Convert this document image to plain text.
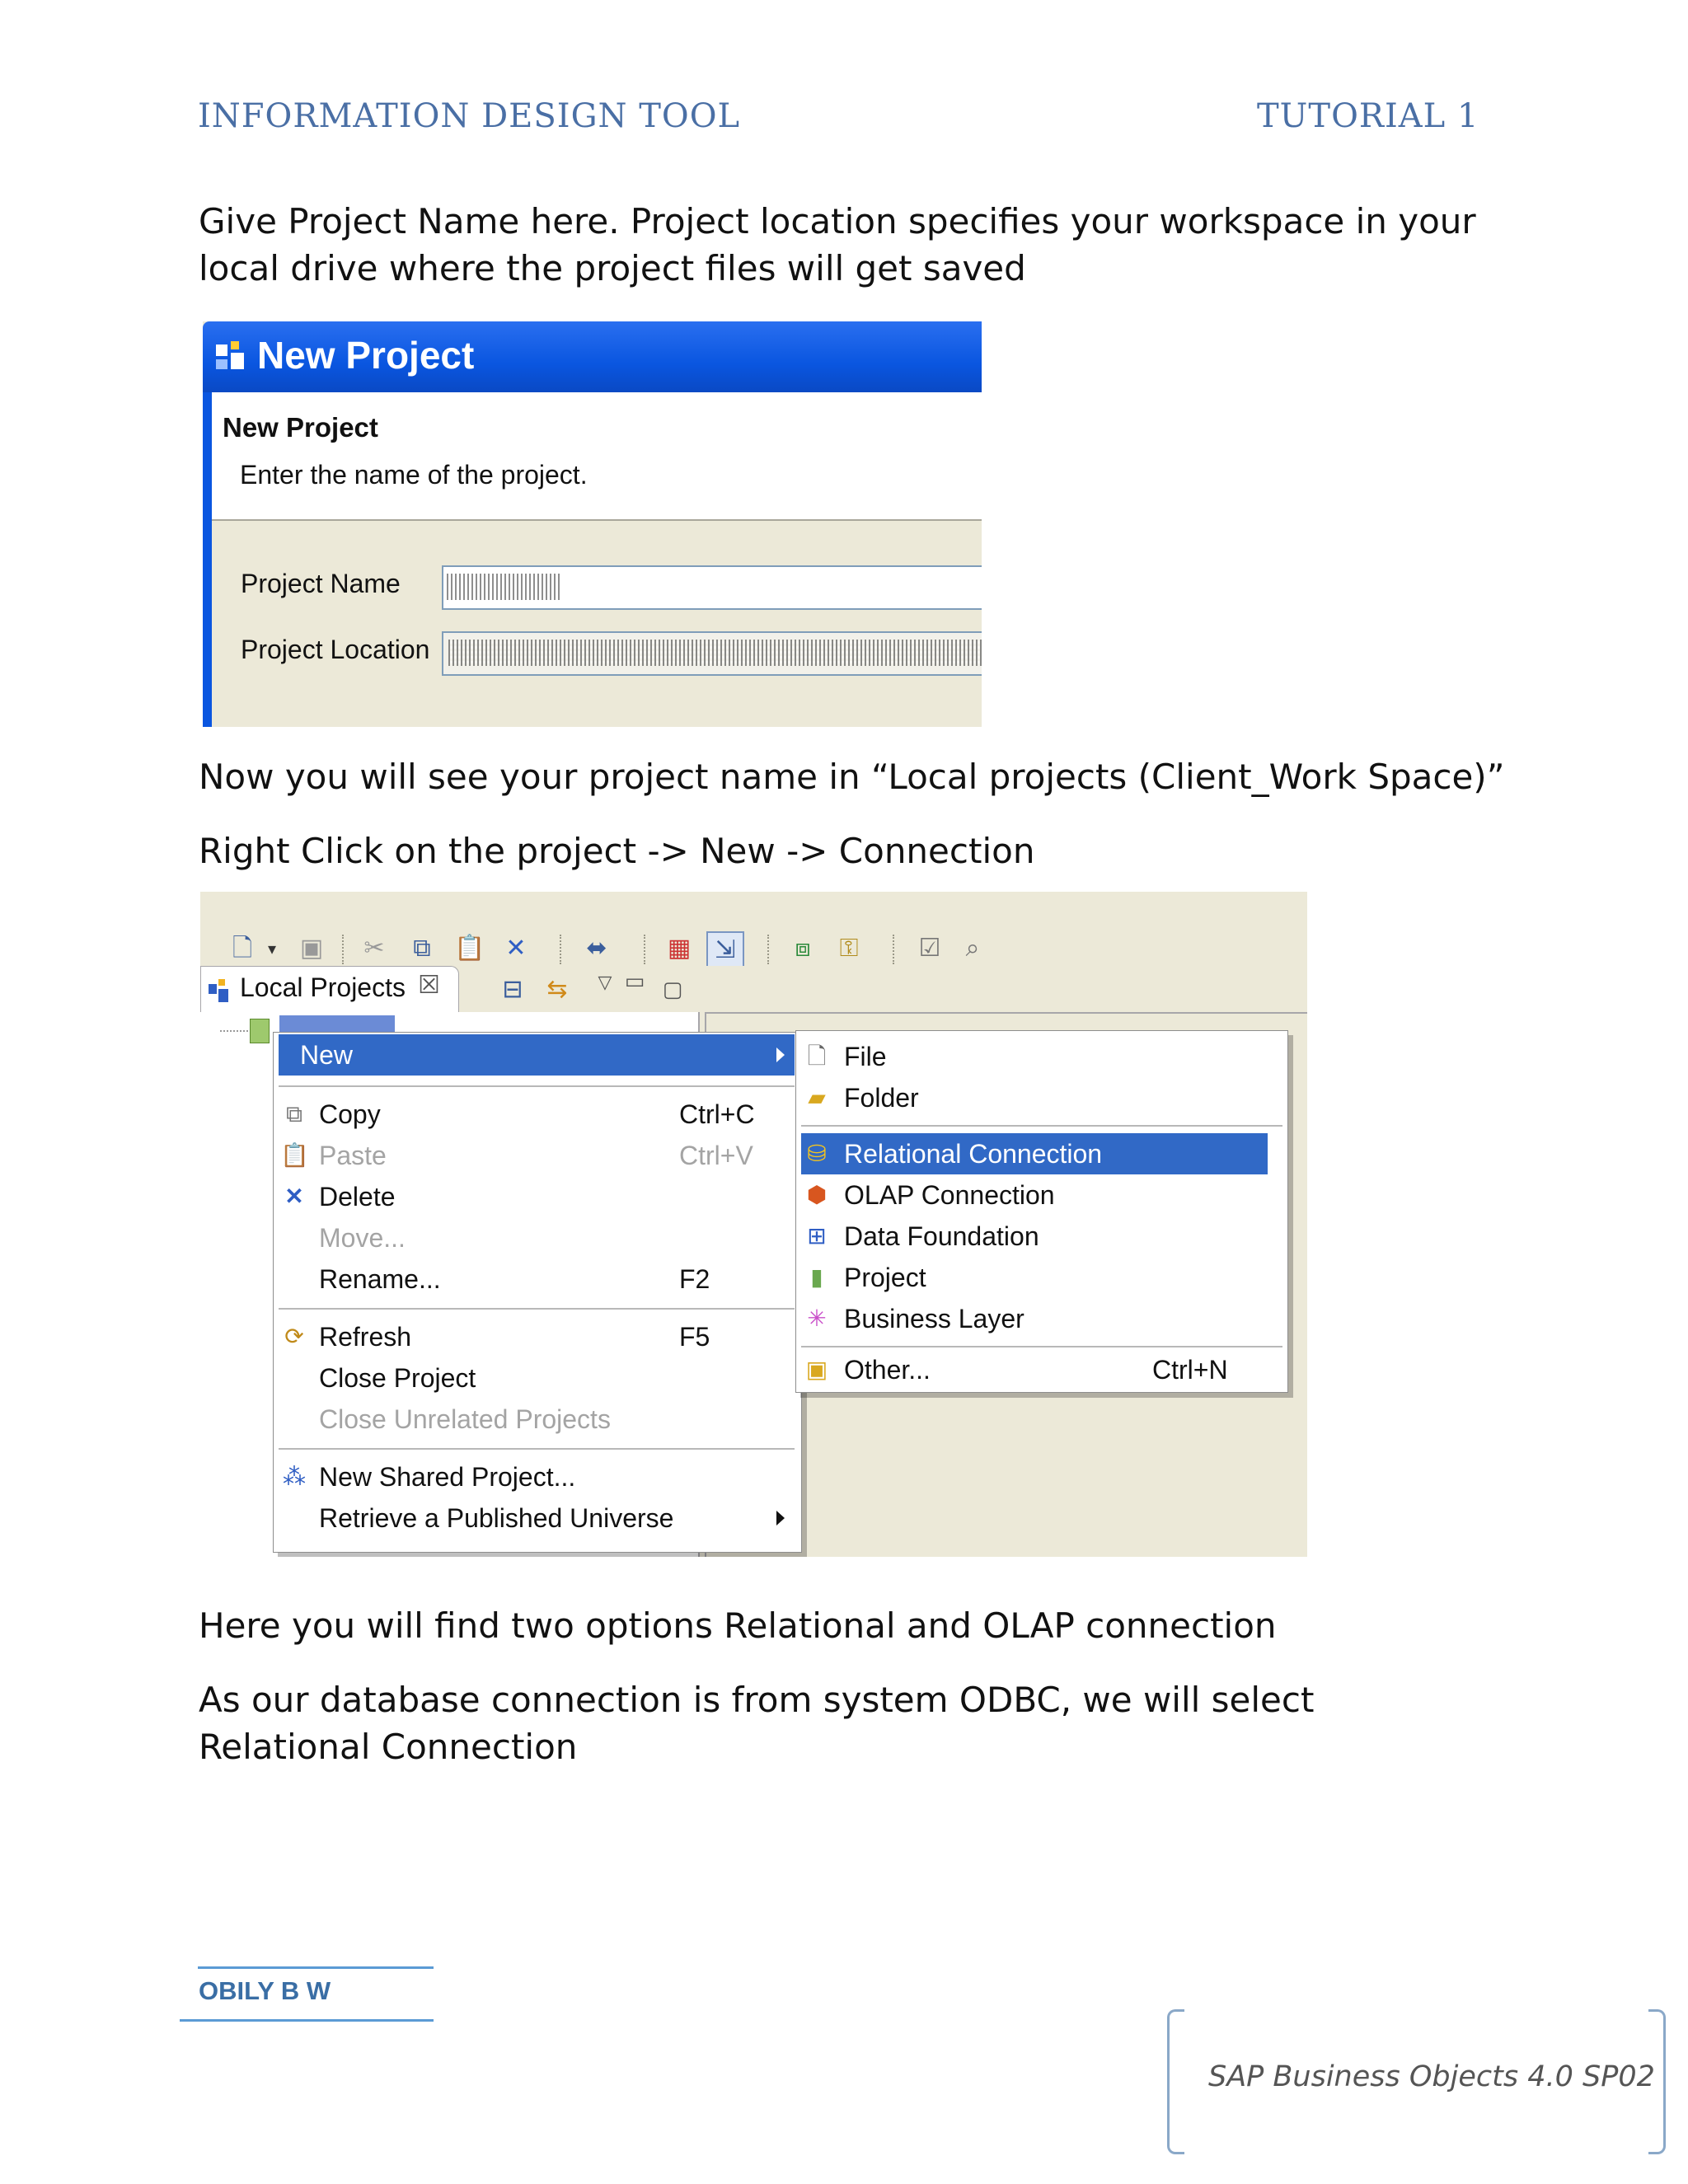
INFORMATION DESIGN TOOL	TUTORIAL 1
Give Project Name here. Project location specifies your workspace in your local drive where the project files will get saved
New Project
New Project
Enter the name of the project.
Project Name
Project Location
Now you will see your project name in “Local projects (Client_Work Space)”
Right Click on the project -> New -> Connection
🗋 ▾ ▣ ✂	⧉ 📋 ✕ ⬌ ▦ ⇲	⧈	⚿	☑	⌕
Local Projects ☒	⊟ ⇆	▽ ▭ ▢
New
⧉ Copy	Ctrl+C
📋 Paste	Ctrl+V
✕ Delete
Move...
Rename...	F2
⟳ Refresh	F5
Close Project
Close Unrelated Projects
⁂ New Shared Project...
Retrieve a Published Universe
🗋 File
▰ Folder
⛁ Relational Connection
⬢ OLAP Connection
⊞ Data Foundation
▮ Project
✳ Business Layer
▣ Other...	Ctrl+N
Here you will find two options Relational and OLAP connection
As our database connection is from system ODBC, we will select Relational Connection
OBILY B W
SAP Business Objects 4.0 SP02
